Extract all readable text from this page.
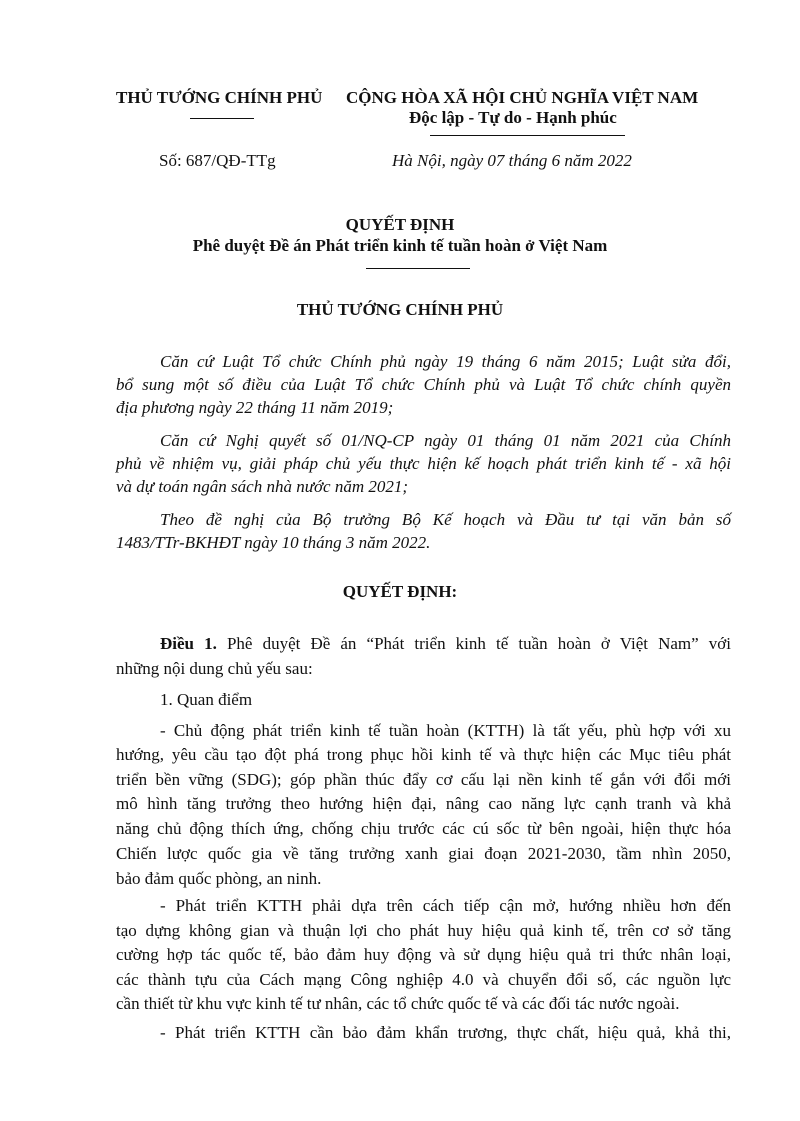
THỦ TƯỚNG CHÍNH PHỦ CỘNG HÒA XÃ HỘI CHỦ NGHĨA VIỆT NAM
Độc lập - Tự do - Hạnh phúc
Số: 687/QĐ-TTg	Hà Nội, ngày 07 tháng 6 năm 2022
QUYẾT ĐỊNH
Phê duyệt Đề án Phát triển kinh tế tuần hoàn ở Việt Nam
THỦ TƯỚNG CHÍNH PHỦ
Căn cứ Luật Tổ chức Chính phủ ngày 19 tháng 6 năm 2015; Luật sửa đổi,
bổ sung một số điều của Luật Tổ chức Chính phủ và Luật Tổ chức chính quyền
địa phương ngày 22 tháng 11 năm 2019;
Căn cứ Nghị quyết số 01/NQ-CP ngày 01 tháng 01 năm 2021 của Chính
phủ về nhiệm vụ, giải pháp chủ yếu thực hiện kế hoạch phát triển kinh tế - xã hội
và dự toán ngân sách nhà nước năm 2021;
Theo đề nghị của Bộ trưởng Bộ Kế hoạch và Đầu tư tại văn bản số
1483/TTr-BKHĐT ngày 10 tháng 3 năm 2022.
QUYẾT ĐỊNH:
Điều 1. Phê duyệt Đề án “Phát triển kinh tế tuần hoàn ở Việt Nam” với
những nội dung chủ yếu sau:
1. Quan điểm
- Chủ động phát triển kinh tế tuần hoàn (KTTH) là tất yếu, phù hợp với xu
hướng, yêu cầu tạo đột phá trong phục hồi kinh tế và thực hiện các Mục tiêu phát
triển bền vững (SDG); góp phần thúc đẩy cơ cấu lại nền kinh tế gắn với đổi mới
mô hình tăng trưởng theo hướng hiện đại, nâng cao năng lực cạnh tranh và khả
năng chủ động thích ứng, chống chịu trước các cú sốc từ bên ngoài, hiện thực hóa
Chiến lược quốc gia về tăng trưởng xanh giai đoạn 2021-2030, tầm nhìn 2050,
bảo đảm quốc phòng, an ninh.
- Phát triển KTTH phải dựa trên cách tiếp cận mở, hướng nhiều hơn đến
tạo dựng không gian và thuận lợi cho phát huy hiệu quả kinh tế, trên cơ sở tăng
cường hợp tác quốc tế, bảo đảm huy động và sử dụng hiệu quả tri thức nhân loại,
các thành tựu của Cách mạng Công nghiệp 4.0 và chuyển đổi số, các nguồn lực
cần thiết từ khu vực kinh tế tư nhân, các tổ chức quốc tế và các đối tác nước ngoài.
- Phát triển KTTH cần bảo đảm khẩn trương, thực chất, hiệu quả, khả thi,
